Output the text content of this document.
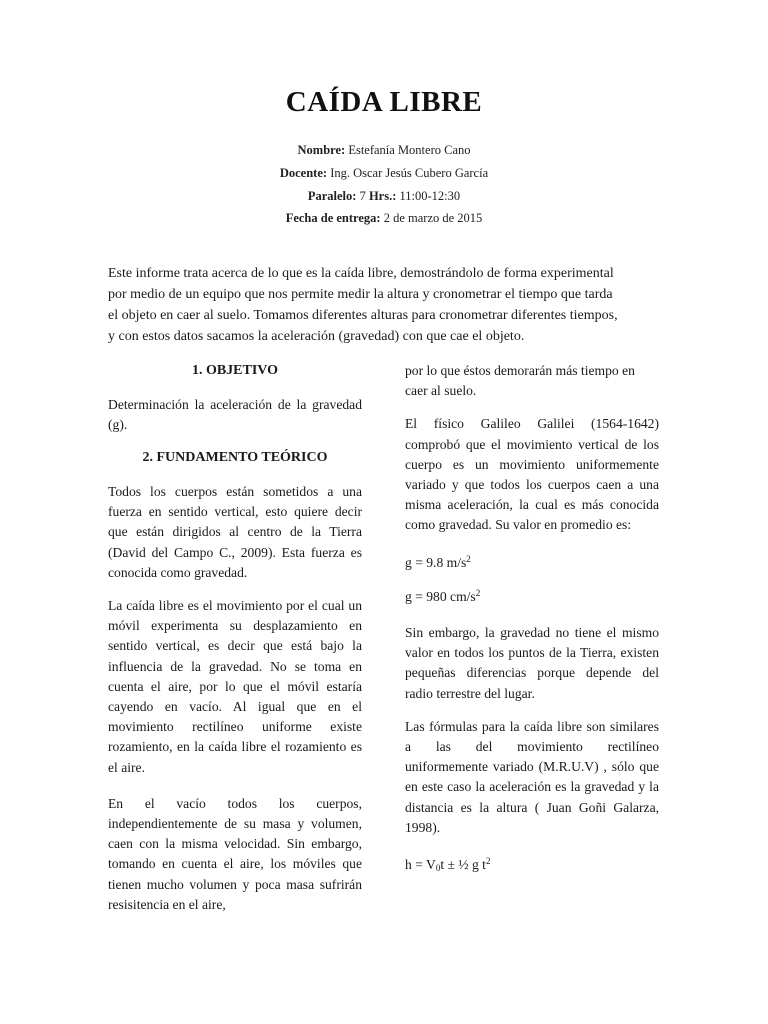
CAÍDA LIBRE
Nombre: Estefanía Montero Cano
Docente: Ing. Oscar Jesús Cubero García
Paralelo: 7 Hrs.: 11:00-12:30
Fecha de entrega: 2 de marzo de 2015
Este informe trata acerca de lo que es la caída libre, demostrándolo de forma experimental
por medio de un equipo que nos permite medir la altura y cronometrar el tiempo que tarda
el objeto en caer al suelo. Tomamos diferentes alturas para cronometrar diferentes tiempos,
y con estos datos sacamos la aceleración (gravedad) con que cae el objeto.
1. OBJETIVO

Determinación la aceleración de la gravedad (g).

2. FUNDAMENTO TEÓRICO

Todos los cuerpos están sometidos a una fuerza en sentido vertical, esto quiere decir que están dirigidos al centro de la Tierra (David del Campo C., 2009). Esta fuerza es conocida como gravedad.

La caída libre es el movimiento por el cual un móvil experimenta su desplazamiento en sentido vertical, es decir que está bajo la influencia de la gravedad. No se toma en cuenta el aire, por lo que el móvil estaría cayendo en vacío. Al igual que en el movimiento rectilíneo uniforme existe rozamiento, en la caída libre el rozamiento es el aire.

En el vacío todos los cuerpos, independientemente de su masa y volumen, caen con la misma velocidad. Sin embargo, tomando en cuenta el aire, los móviles que tienen mucho volumen y poca masa sufrirán resisitencia en el aire,

por lo que éstos demorarán más tiempo en caer al suelo.

El físico Galileo Galilei (1564-1642) comprobó que el movimiento vertical de los cuerpo es un movimiento uniformemente variado y que todos los cuerpos caen a una misma aceleración, la cual es más conocida como gravedad. Su valor en promedio es:

g = 9.8 $m/s^2$

g = 980 $cm/s^2$

Sin embargo, la gravedad no tiene el mismo valor en todos los puntos de la Tierra, existen pequeñas diferencias porque depende del radio terrestre del lugar.

Las fórmulas para la caída libre son similares a las del movimiento rectilíneo uniformemente variado (M.R.U.V) , sólo que en este caso la aceleración es la gravedad y la distancia es la altura ( Juan Goñi Galarza, 1998).

$h = V_0t$ ± ½ g $t^2$
